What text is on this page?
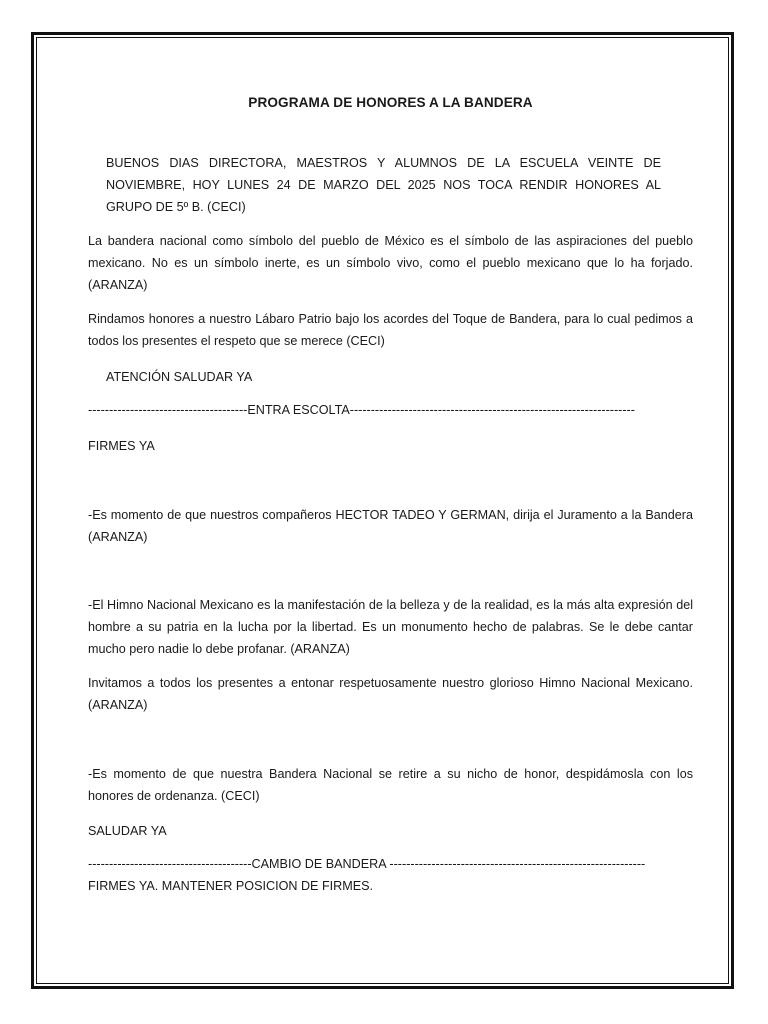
PROGRAMA DE HONORES A LA BANDERA

BUENOS DIAS DIRECTORA, MAESTROS Y ALUMNOS DE LA ESCUELA VEINTE DE NOVIEMBRE, HOY LUNES 24 DE MARZO DEL 2025 NOS TOCA RENDIR HONORES AL GRUPO DE 5º B. (CECI)

La bandera nacional como símbolo del pueblo de México es el símbolo de las aspiraciones del pueblo mexicano. No es un símbolo inerte, es un símbolo vivo, como el pueblo mexicano que lo ha forjado. (ARANZA)

Rindamos honores a nuestro Lábaro Patrio bajo los acordes del Toque de Bandera, para lo cual pedimos a todos los presentes el respeto que se merece (CECI)

ATENCIÓN SALUDAR YA
--------------------------------------ENTRA ESCOLTA--------------------------------------------------------------------
FIRMES YA

-Es momento de que nuestros compañeros HECTOR TADEO Y GERMAN, dirija el Juramento a la Bandera (ARANZA)

-El Himno Nacional Mexicano es la manifestación de la belleza y de la realidad, es la más alta expresión del hombre a su patria en la lucha por la libertad. Es un monumento hecho de palabras. Se le debe cantar mucho pero nadie lo debe profanar. (ARANZA)

Invitamos a todos los presentes a entonar respetuosamente nuestro glorioso Himno Nacional Mexicano. (ARANZA)

-Es momento de que nuestra Bandera Nacional se retire a su nicho de honor, despidámosla con los honores de ordenanza. (CECI)

SALUDAR YA
---------------------------------------CAMBIO DE BANDERA -------------------------------------------------------------
FIRMES YA. MANTENER POSICION DE FIRMES.
